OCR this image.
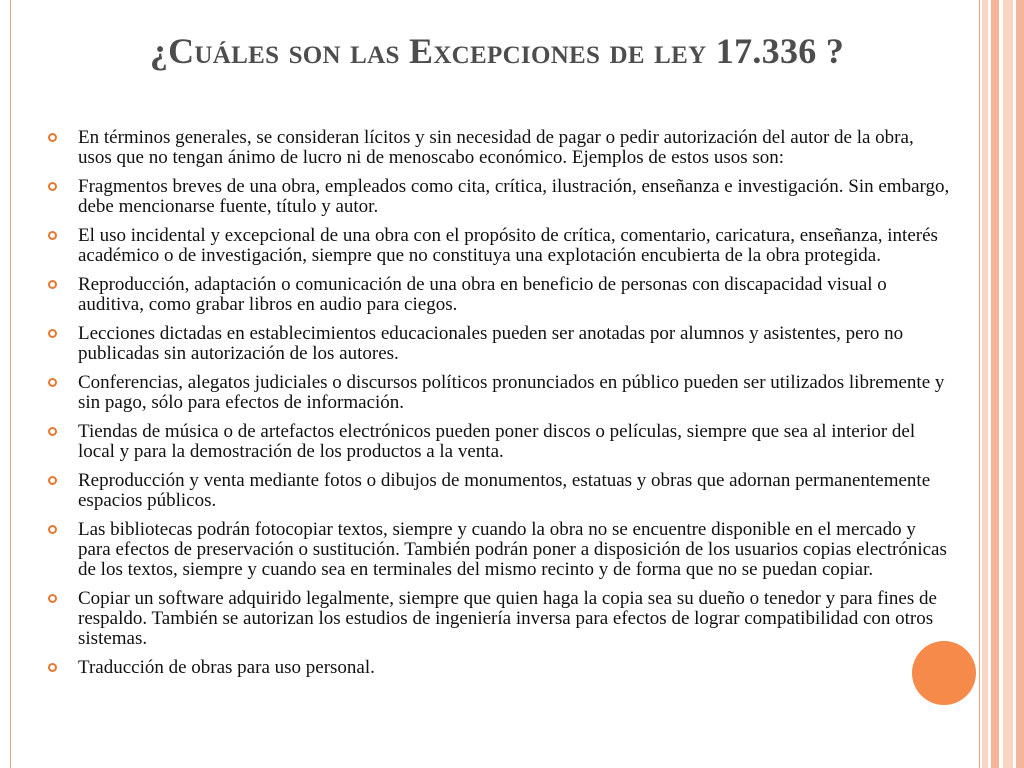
¿Cuáles son las Excepciones de ley 17.336 ?
En términos generales, se consideran lícitos y sin necesidad de pagar o pedir autorización del autor de la obra, usos que no tengan ánimo de lucro ni de menoscabo económico. Ejemplos de estos usos son:
Fragmentos breves de una obra, empleados como cita, crítica, ilustración, enseñanza e investigación. Sin embargo, debe mencionarse fuente, título y autor.
El uso incidental y excepcional de una obra con el propósito de crítica, comentario, caricatura, enseñanza, interés académico o de investigación, siempre que no constituya una explotación encubierta de la obra protegida.
Reproducción, adaptación o comunicación de una obra en beneficio de personas con discapacidad visual o auditiva, como grabar libros en audio para ciegos.
Lecciones dictadas en establecimientos educacionales pueden ser anotadas por alumnos y asistentes, pero no publicadas sin autorización de los autores.
Conferencias, alegatos judiciales o discursos políticos pronunciados en público pueden ser utilizados libremente y sin pago, sólo para efectos de información.
Tiendas de música o de artefactos electrónicos pueden poner discos o películas, siempre que sea al interior del local y para la demostración de los productos a la venta.
Reproducción y venta mediante fotos o dibujos de monumentos, estatuas y obras que adornan permanentemente espacios públicos.
Las bibliotecas podrán fotocopiar textos, siempre y cuando la obra no se encuentre disponible en el mercado y para efectos de preservación o sustitución. También podrán poner a disposición de los usuarios copias electrónicas de los textos, siempre y cuando sea en terminales del mismo recinto y de forma que no se puedan copiar.
Copiar un software adquirido legalmente, siempre que quien haga la copia sea su dueño o tenedor y para fines de respaldo. También se autorizan los estudios de ingeniería inversa para efectos de lograr compatibilidad con otros sistemas.
Traducción de obras para uso personal.
